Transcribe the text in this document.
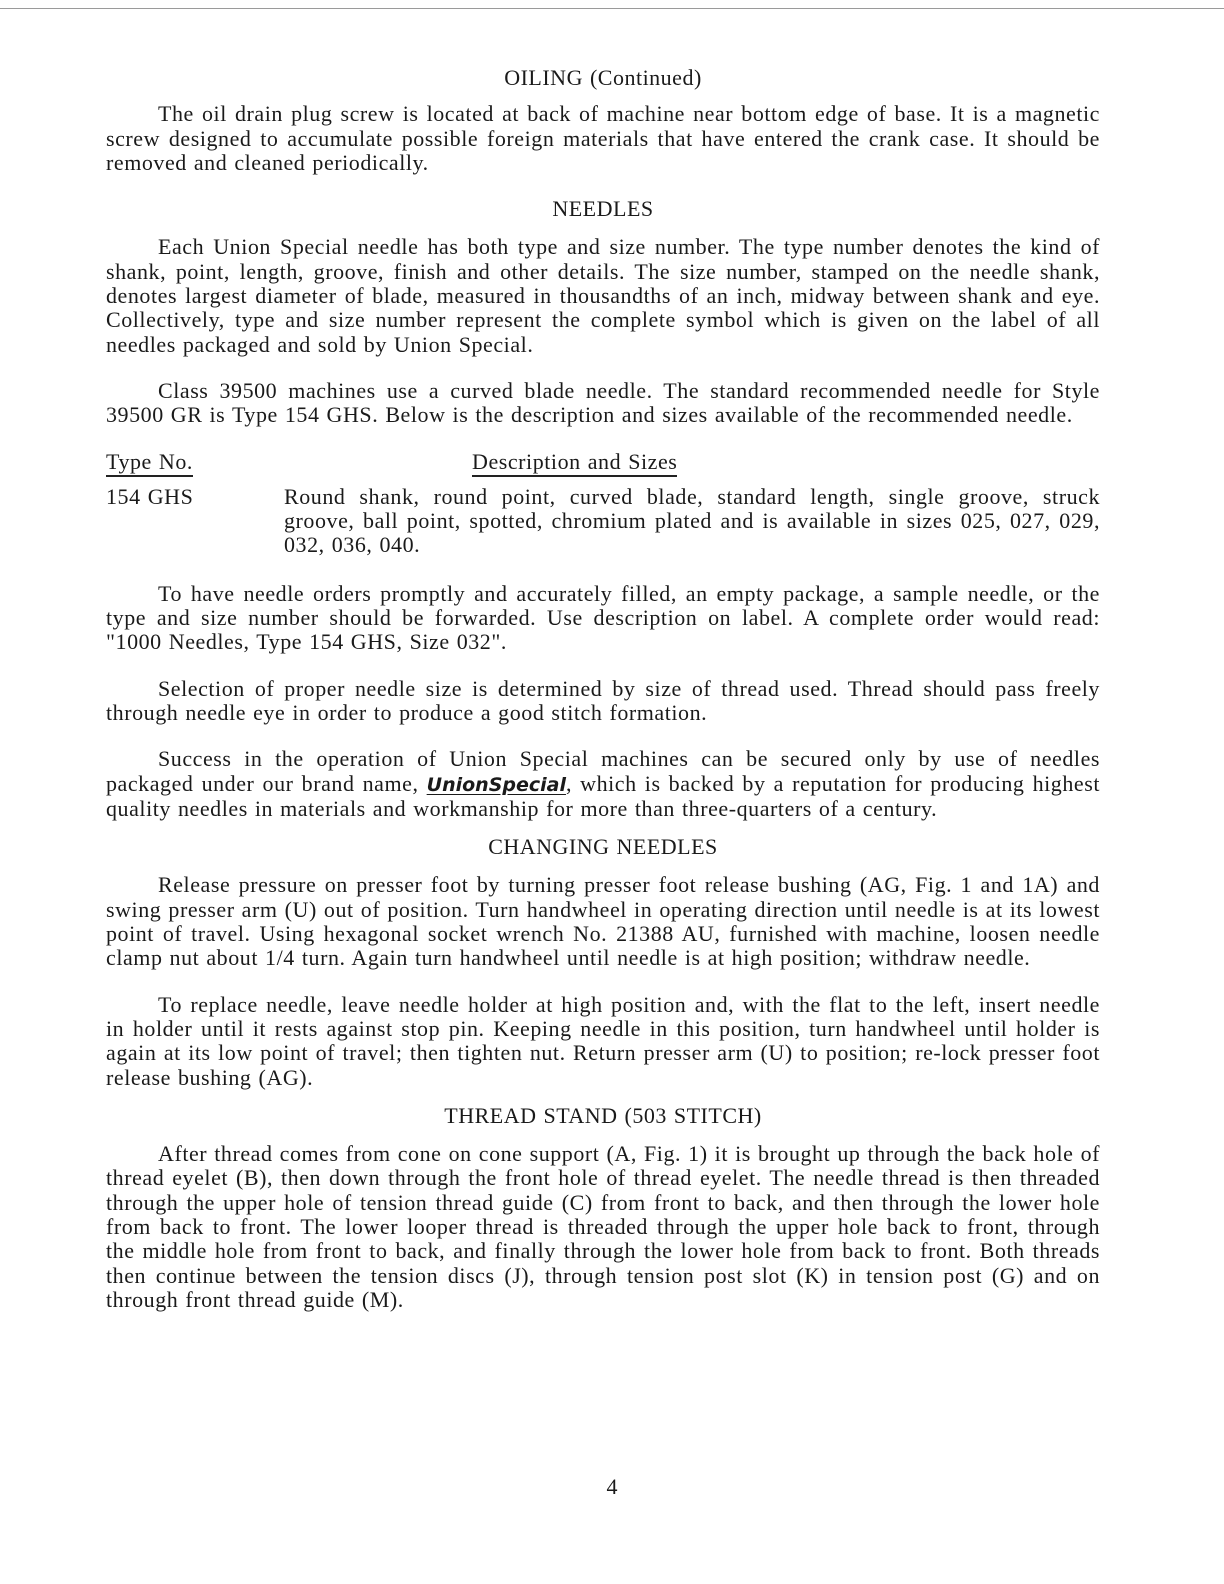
OILING (Continued)

The oil drain plug screw is located at back of machine near bottom edge of base. It is a magnetic screw designed to accumulate possible foreign materials that have entered the crank case. It should be removed and cleaned periodically.

NEEDLES

Each Union Special needle has both type and size number. The type number denotes the kind of shank, point, length, groove, finish and other details. The size number, stamped on the needle shank, denotes largest diameter of blade, measured in thousandths of an inch, midway between shank and eye. Collectively, type and size number represent the complete symbol which is given on the label of all needles packaged and sold by Union Special.

Class 39500 machines use a curved blade needle. The standard recommended needle for Style 39500 GR is Type 154 GHS. Below is the description and sizes available of the recommended needle.

Type No.	Description and Sizes
154 GHS	Round shank, round point, curved blade, standard length, single groove, struck groove, ball point, spotted, chromium plated and is available in sizes 025, 027, 029, 032, 036, 040.

To have needle orders promptly and accurately filled, an empty package, a sample needle, or the type and size number should be forwarded. Use description on label. A complete order would read: "1000 Needles, Type 154 GHS, Size 032".

Selection of proper needle size is determined by size of thread used. Thread should pass freely through needle eye in order to produce a good stitch formation.

Success in the operation of Union Special machines can be secured only by use of needles packaged under our brand name, UnionSpecial, which is backed by a reputation for producing highest quality needles in materials and workmanship for more than three-quarters of a century.

CHANGING NEEDLES

Release pressure on presser foot by turning presser foot release bushing (AG, Fig. 1 and 1A) and swing presser arm (U) out of position. Turn handwheel in operating direction until needle is at its lowest point of travel. Using hexagonal socket wrench No. 21388 AU, furnished with machine, loosen needle clamp nut about 1/4 turn. Again turn handwheel until needle is at high position; withdraw needle.

To replace needle, leave needle holder at high position and, with the flat to the left, insert needle in holder until it rests against stop pin. Keeping needle in this position, turn handwheel until holder is again at its low point of travel; then tighten nut. Return presser arm (U) to position; re-lock presser foot release bushing (AG).

THREAD STAND (503 STITCH)

After thread comes from cone on cone support (A, Fig. 1) it is brought up through the back hole of thread eyelet (B), then down through the front hole of thread eyelet. The needle thread is then threaded through the upper hole of tension thread guide (C) from front to back, and then through the lower hole from back to front. The lower looper thread is threaded through the upper hole back to front, through the middle hole from front to back, and finally through the lower hole from back to front. Both threads then continue between the tension discs (J), through tension post slot (K) in tension post (G) and on through front thread guide (M).

4
